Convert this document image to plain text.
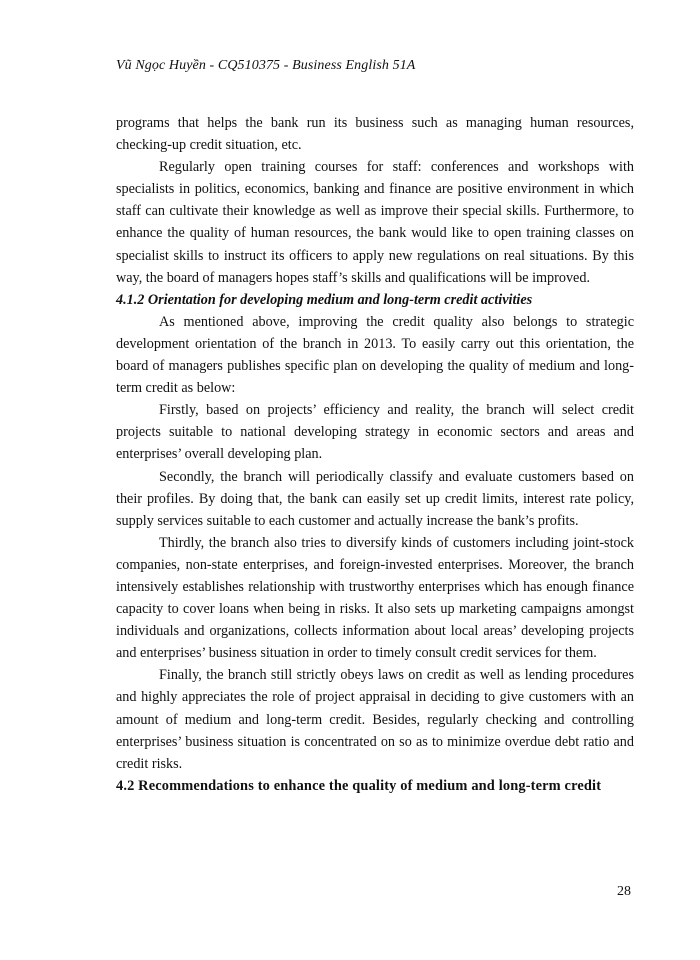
Vũ Ngọc Huyền - CQ510375 - Business English 51A

programs that helps the bank run its business such as managing human resources, checking-up credit situation, etc.

Regularly open training courses for staff: conferences and workshops with specialists in politics, economics, banking and finance are positive environment in which staff can cultivate their knowledge as well as improve their special skills. Furthermore, to enhance the quality of human resources, the bank would like to open training classes on specialist skills to instruct its officers to apply new regulations on real situations. By this way, the board of managers hopes staff’s skills and qualifications will be improved.

4.1.2 Orientation for developing medium and long-term credit activities

As mentioned above, improving the credit quality also belongs to strategic development orientation of the branch in 2013. To easily carry out this orientation, the board of managers publishes specific plan on developing the quality of medium and long-term credit as below:

Firstly, based on projects’ efficiency and reality, the branch will select credit projects suitable to national developing strategy in economic sectors and areas and enterprises’ overall developing plan.

Secondly, the branch will periodically classify and evaluate customers based on their profiles. By doing that, the bank can easily set up credit limits, interest rate policy, supply services suitable to each customer and actually increase the bank’s profits.

Thirdly, the branch also tries to diversify kinds of customers including joint-stock companies, non-state enterprises, and foreign-invested enterprises. Moreover, the branch intensively establishes relationship with trustworthy enterprises which has enough finance capacity to cover loans when being in risks. It also sets up marketing campaigns amongst individuals and organizations, collects information about local areas’ developing projects and enterprises’ business situation in order to timely consult credit services for them.

Finally, the branch still strictly obeys laws on credit as well as lending procedures and highly appreciates the role of project appraisal in deciding to give customers with an amount of medium and long-term credit. Besides, regularly checking and controlling enterprises’ business situation is concentrated on so as to minimize overdue debt ratio and credit risks.

4.2 Recommendations to enhance the quality of medium and long-term credit

28
